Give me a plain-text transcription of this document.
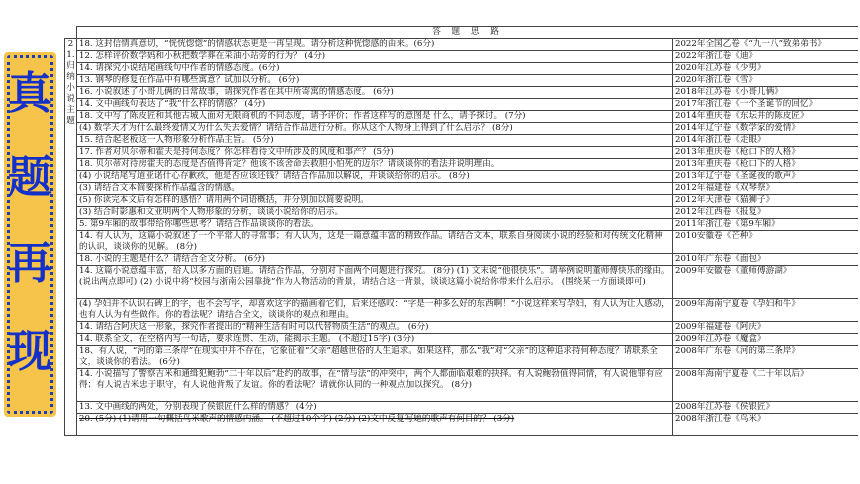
真
题
再
现
	答 题 思 路	
2 1.归纳小说主题	18. 这封信情真意切，“恍恍惚惚”的情感状态更是一再呈现。请分析这种恍惚感的由来。(6分)	2022年全国乙卷《“九一八”致弟弟书》
	12. 怎样评价数学妈和小秋把数学葬在采油小站旁的行为？ (4分)	2022年浙江卷《迪》
	14. 请探究小说结尾画线句中作者的情感态度。(6分)	2020年江苏卷《少男》
	13. 钢琴的修复在作品中有哪些寓意？试加以分析。 (6分)	2020年浙江卷《雪》
	16. 小说叙述了小哥儿俩的日常故事，请探究作者在其中所寄寓的情感态度。 (6分)	2018年江苏卷《小哥儿俩》
	14. 文中画线句表达了“我”什么样的情感？ (4分)	2017年浙江卷《一个圣诞节的回忆》
	18. 文中写了陈皮匠和其他古城人面对无限商机的不同态度，请予评价；作者这样写的意图是 什么，请予探讨。 (7分)	2014年重庆卷《东坛井的陈皮匠》
	(4) 数学天才为什么最终爱情又为什么失去爱情？请结合作品进行分析。你从这个人物身上得到了什么启示？ (8分)	2014年辽宁卷《数学家的爱情》
	15. 结合起老板这一人物形象分析作品主旨。 (5分)	2014年浙江卷《走眼》
	17. 作者对贝尔蒂和霍夫是持何态度？你怎样看待文中所涉及的风度和事产？ (5分)	2013年重庆卷《枪口下的人格》
	18. 贝尔蒂对待房霍夫的态度是否值得肯定？他该不该舍命去救胆小怕死的迈尔？请谈谈你的看法并说明理由。	2013年重庆卷《枪口下的人格》
	(4) 小说结尾写道亚诺什心存歉疚，他是否应该还钱？请结合作品加以解说，并谈谈给你的启示。 (8分)	2013年辽宁卷《圣诞夜的歌声》
	(3) 请结合文本简要探析作品蕴含的情感。	2012年福建卷《双琴祭》
	(5) 你读完本文后有怎样的感悟？请用两个词语概括，并分别加以简要说明。	2012年天津卷《猫狮子》
	(3) 结合时影惠和文亚明两个人物形象的分析，谈谈小说给你的启示。	2012年江西卷《报复》
	5. 第9车厢的故事带给你哪些思考？请结合作品谈谈你的看法。	2011年浙江卷《第9车厢》
	14. 有人认为，这篇小说叙述了一个平常人的寻常事；有人认为，这是一篇意蕴丰富的精致作品。请结合文本，联系自身阅读小说的经验和对传统文化精神的认识，谈谈你的见解。 (8分)	2010安徽卷《芒种》
	18. 小说的主题是什么？请结合全文分析。 (6分)	2010年广东卷《面包》
	14. 这篇小说意蕴丰富，给人以多方面的启迪。请结合作品，分别对下面两个问题进行探究。 (8分) (1) 文末说“他很快乐”。请举例说明董师傅快乐的缘由。 (说出两点即可) (2) 小说中将“校园与浙南公园靠拢”作为人物活动的背景，请结合这一背景，谈谈这篇小说给你带来什么启示。 (围绕某一方面谈即可)	2009年安徽卷《董师傅游湖》
	(4) 孕妇并不认识石碑上的字，也不会写字，却喜欢这字的描画着它们，后来还感叹：“字是一种多么好的东西啊！”小说这样来写孕妇，有人认为让人感动，也有人认为有些做作。你的看法呢？请结合全文，谈谈你的观点和理由。	2009年海南宁夏卷《孕妇和牛》
	14. 请结合阿庆这一形象，探究作者提出的“精神生活有时可以代替物质生活”的观点。 (6分)	2009年福建卷《阿庆》
	14. 联系全文，在空格内写一句话，要求连贯、生动，能揭示主题。 (不超过15字) (3分)	2009年江苏卷《魔盒》
	18、有人说，“河的第三条岸”在现实中并不存在，它象征着“父亲”超越世俗的人生追求。如果这样，那么“我”对“父亲”的这种追求持何种态度？请联系全文，谈谈你的看法。 (6分)	2008年广东卷《河的第三条岸》
	14. 小说描写了警察吉米和通缉犯鲍勃“二十年以后”赴约的故事，在“情与法”的冲突中，两个人都面临艰难的抉择。有人说鲍勃值得同情，有人说他罪有应得；有人说吉米忠于职守，有人说他背叛了友谊。你的看法呢？请就你认同的一种观点加以探究。 (8分)	2008年海南宁夏卷《二十年以后》
	13. 文中画线的两处，分别表现了侯银匠什么样的情感？ (4分)	2008年江苏卷《侯银匠》
	20. (5分) (1)请用一句概括鸟米歌声的情感内涵。 (不超过10个字) (2分) (2)文中反复写她的歌声有何目的？ (3分)	2008年浙江卷《鸟米》
